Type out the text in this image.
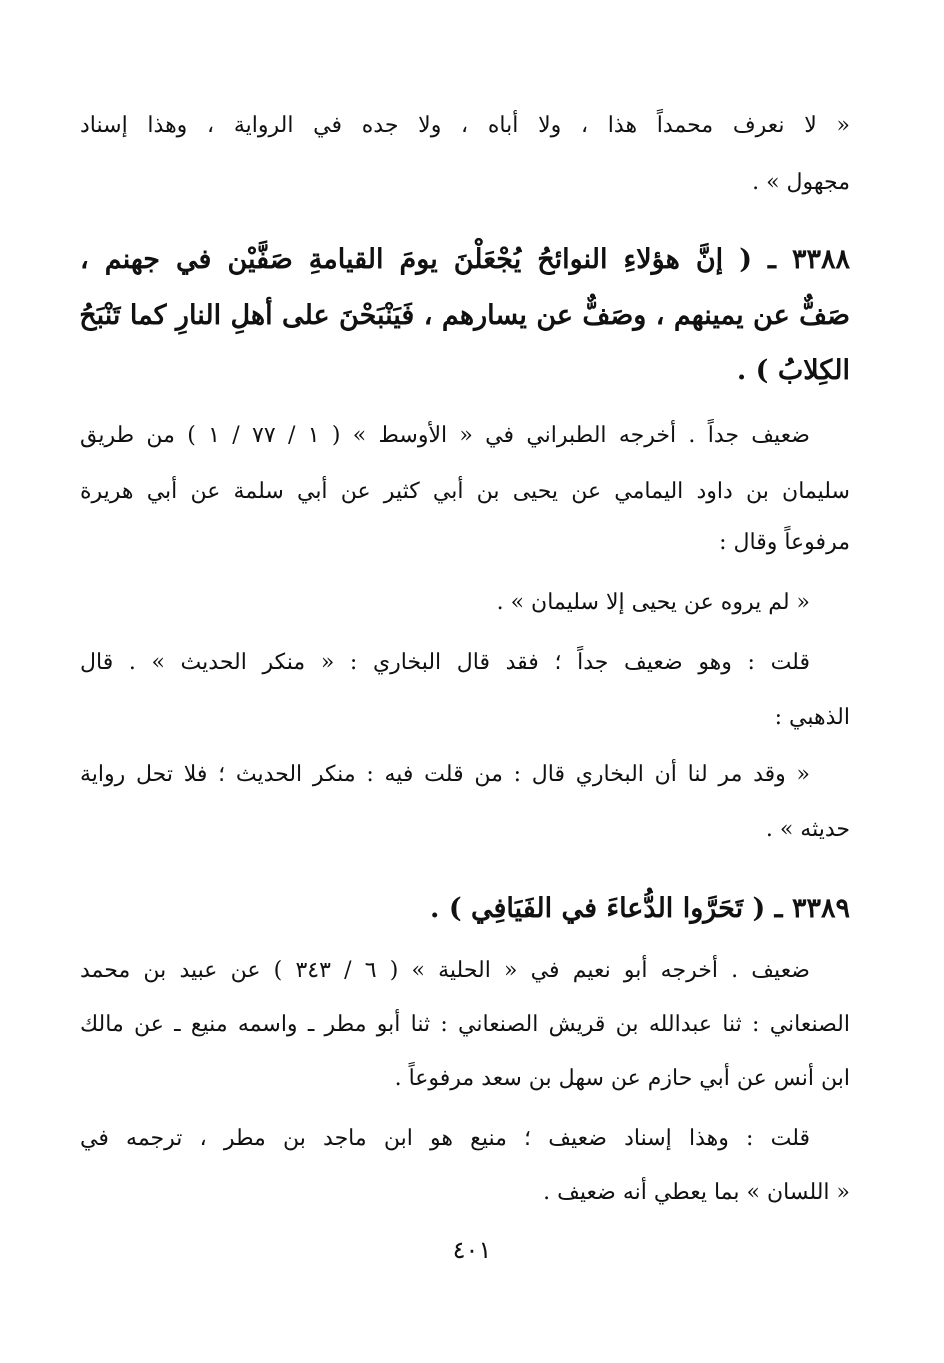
« لا نعرف محمداً هذا ، ولا أباه ، ولا جده في الرواية ، وهذا إسناد
مجهول » .
٣٣٨٨ ـ ( إنَّ هؤلاءِ النوائحُ يُجْعَلْنَ يومَ القيامةِ صَفَّيْن في جهنم ،
صَفٌّ عن يمينهم ، وصَفٌّ عن يسارهم ، فَيَنْبَحْنَ على أهلِ النارِ كما تَنْبَحُ
الكِلابُ ) .
ضعيف جداً . أخرجه الطبراني في « الأوسط » ( ١ / ٧٧ / ١ ) من طريق
سليمان بن داود اليمامي عن يحيى بن أبي كثير عن أبي سلمة عن أبي هريرة
مرفوعاً وقال :
« لم يروه عن يحيى إلا سليمان » .
قلت : وهو ضعيف جداً ؛ فقد قال البخاري : « منكر الحديث » . قال
الذهبي :
« وقد مر لنا أن البخاري قال : من قلت فيه : منكر الحديث ؛ فلا تحل رواية
حديثه » .
٣٣٨٩ ـ ( تَحَرَّوا الدُّعاءَ في الفَيَافِي ) .
ضعيف . أخرجه أبو نعيم في « الحلية » ( ٦ / ٣٤٣ ) عن عبيد بن محمد
الصنعاني : ثنا عبدالله بن قريش الصنعاني : ثنا أبو مطر ـ واسمه منيع ـ عن مالك
ابن أنس عن أبي حازم عن سهل بن سعد مرفوعاً .
قلت : وهذا إسناد ضعيف ؛ منيع هو ابن ماجد بن مطر ، ترجمه في
« اللسان » بما يعطي أنه ضعيف .
٤٠١
